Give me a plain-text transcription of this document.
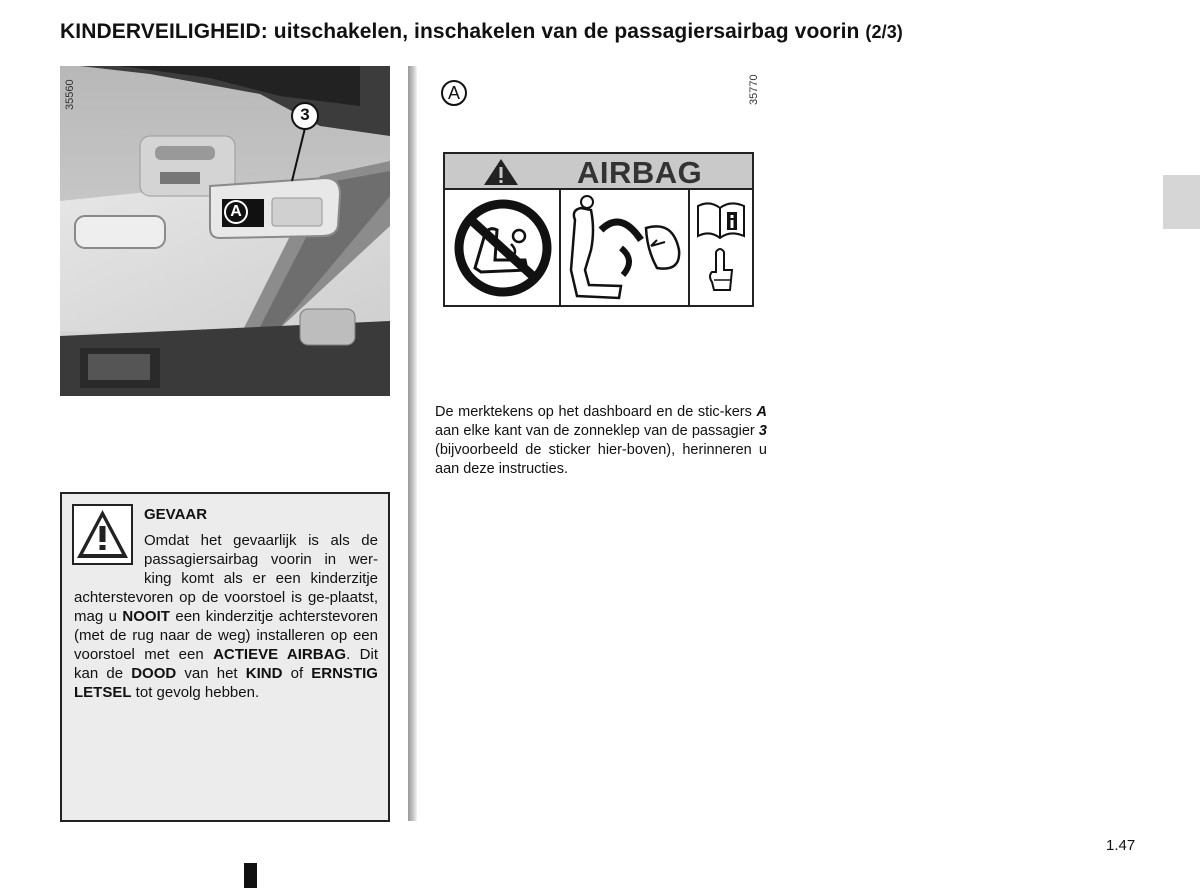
KINDERVEILIGHEID: uitschakelen, inschakelen van de passagiersairbag voorin (2/3)
3
A
35560	A	35770
AIRBAG
De merktekens op het dashboard en de stic-kers A aan elke kant van de zonneklep van de passagier 3 (bijvoorbeeld de sticker hier-boven), herinneren u aan deze instructies.
GEVAAR
Omdat het gevaarlijk is als de passagiersairbag voorin in wer-king komt als er een kinderzitje achterstevoren op de voorstoel is ge-plaatst, mag u NOOIT een kinderzitje achterstevoren (met de rug naar de weg) installeren op een voorstoel met een ACTIEVE AIRBAG. Dit kan de DOOD van het KIND of ERNSTIG LETSEL tot gevolg hebben.
1.47
